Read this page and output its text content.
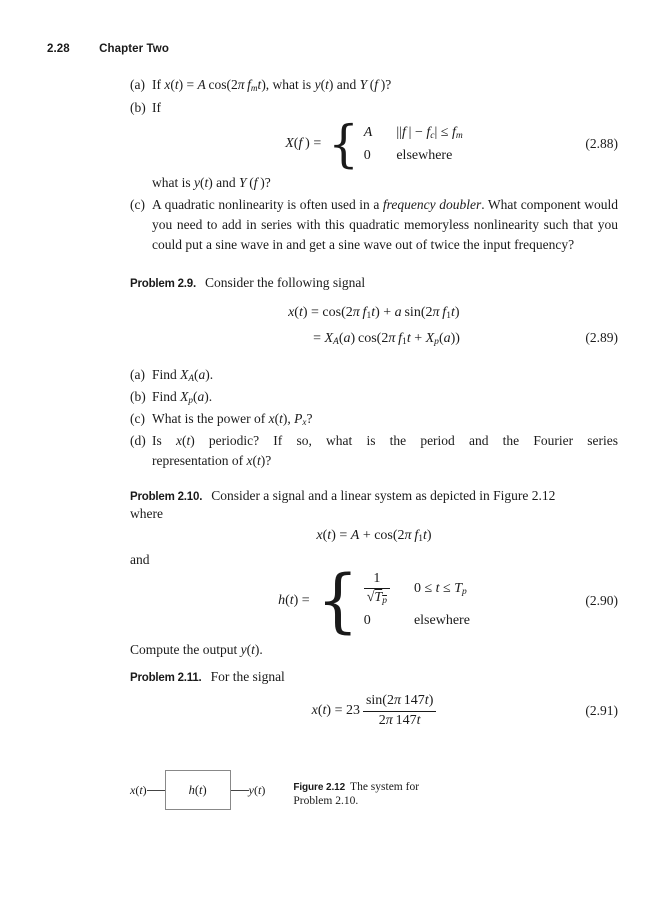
2.28	Chapter Two
(a) If x(t) = A cos(2π $f_mt$), what is y(t) and Y (f )?
(b) If
X(f ) = { A ||f | − $f_c| \le f_m$
0 elsewhere
(2.88)
what is y(t) and Y (f )?
(c) A quadratic nonlinearity is often used in a frequency doubler. What component would you need to add in series with this quadratic memoryless nonlinearity such that you could put a sine wave in and get a sine wave out of twice the input frequency?
Problem 2.9. Consider the following signal
x(t) = cos(2π $f_1t) + a$ sin(2π $f_1t$)
= $X_A(a)$ cos(2π $f_1t + X_p(a)$)	(2.89)
(a) Find $X_A(a)$.
(b) Find $X_p(a)$.
(c) What is the power of x(t), $P_x$?
(d) Is x(t) periodic? If so, what is the period and the Fourier series
representation of x(t)?
Problem 2.10. Consider a signal and a linear system as depicted in Figure 2.12
where
x(t) = A + cos(2π $f_1t$)
and
h(t) = { $\frac{1}{√T_p} 0 \le t \le T_p$
0	elsewhere
(2.90)
Compute the output y(t).
Problem 2.11. For the signal
$x(t) = 23 \frac{\sin(2\pi 147t)}{2\pi 147t}$	(2.91)
x(t)	h(t)	y(t)	Figure 2.12 The system for Problem 2.10.
